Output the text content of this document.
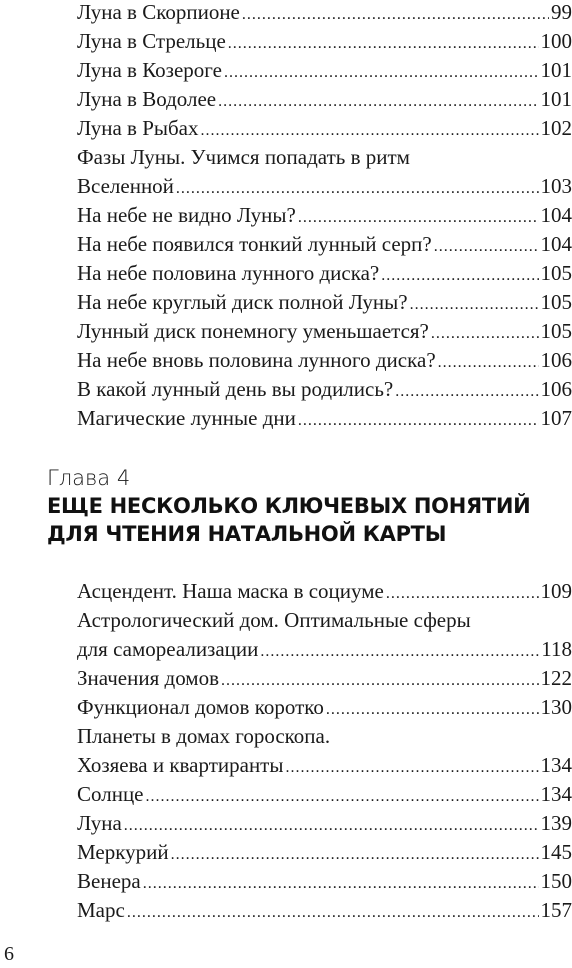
Луна в Скорпионе .....	99
Луна в Стрельце .....	100
Луна в Козероге .....	101
Луна в Водолее .....	101
Луна в Рыбах .....	102
Фазы Луны. Учимся попадать в ритм
Вселенной .....	103
На небе не видно Луны? .....	104
На небе появился тонкий лунный серп? .....	104
На небе половина лунного диска? .....	105
На небе круглый диск полной Луны? .....	105
Лунный диск понемногу уменьшается? .....	105
На небе вновь половина лунного диска? .....	106
В какой лунный день вы родились? .....	106
Магические лунные дни .....	107
Глава 4
ЕЩЕ НЕСКОЛЬКО КЛЮЧЕВЫХ ПОНЯТИЙ
ДЛЯ ЧТЕНИЯ НАТАЛЬНОЙ КАРТЫ
Асцендент. Наша маска в социуме .....	109
Астрологический дом. Оптимальные сферы
для самореализации .....	118
Значения домов .....	122
Функционал домов коротко .....	130
Планеты в домах гороскопа.
Хозяева и квартиранты .....	134
Солнце .....	134
Луна .....	139
Меркурий .....	145
Венера .....	150
Марс .....	157
6
